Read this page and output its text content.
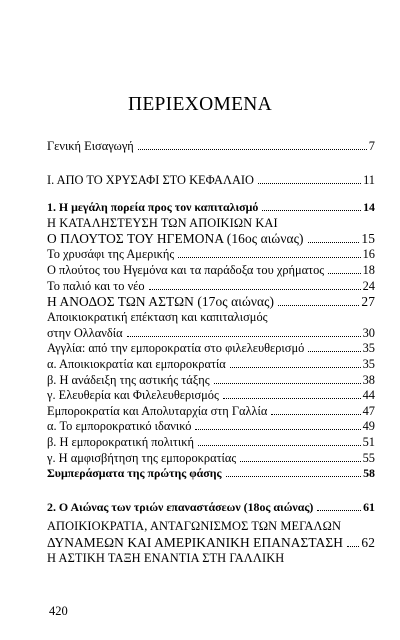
ΠΕΡΙΕΧΟΜΕΝΑ
Γενική Εισαγωγή	7
Ι. ΑΠΟ ΤΟ ΧΡΥΣΑΦΙ ΣΤΟ ΚΕΦΑΛΑΙΟ	11
1. Η μεγάλη πορεία προς τον καπιταλισμό	14
Η ΚΑΤΑΛΗΣΤΕΥΣΗ ΤΩΝ ΑΠΟΙΚΙΩΝ ΚΑΙ
Ο ΠΛΟΥΤΟΣ ΤΟΥ ΗΓΕΜΟΝΑ (16ος αιώνας)	15
Το χρυσάφι της Αμερικής	16
Ο πλούτος του Ηγεμόνα και τα παράδοξα του χρήματος	18
Το παλιό και το νέο	24
Η ΑΝΟΔΟΣ ΤΩΝ ΑΣΤΩΝ (17ος αιώνας)	27
Αποικιοκρατική επέκταση και καπιταλισμός
στην Ολλανδία	30
Αγγλία: από την εμποροκρατία στο φιλελευθερισμό	35
α. Αποικιοκρατία και εμποροκρατία	35
β. Η ανάδειξη της αστικής τάξης	38
γ. Ελευθερία και Φιλελευθερισμός	44
Εμποροκρατία και Απολυταρχία στη Γαλλία	47
α. Το εμποροκρατικό ιδανικό	49
β. Η εμποροκρατική πολιτική	51
γ. Η αμφισβήτηση της εμποροκρατίας	55
Συμπεράσματα της πρώτης φάσης	58
2. Ο Αιώνας των τριών επαναστάσεων (18ος αιώνας)	61
ΑΠΟΙΚΙΟΚΡΑΤΙΑ, ΑΝΤΑΓΩΝΙΣΜΟΣ ΤΩΝ ΜΕΓΑΛΩΝ
ΔΥΝΑΜΕΩΝ ΚΑΙ ΑΜΕΡΙΚΑΝΙΚΗ ΕΠΑΝΑΣΤΑΣΗ 62
Η ΑΣΤΙΚΗ ΤΑΞΗ ΕΝΑΝΤΙΑ ΣΤΗ ΓΑΛΛΙΚΗ
420
